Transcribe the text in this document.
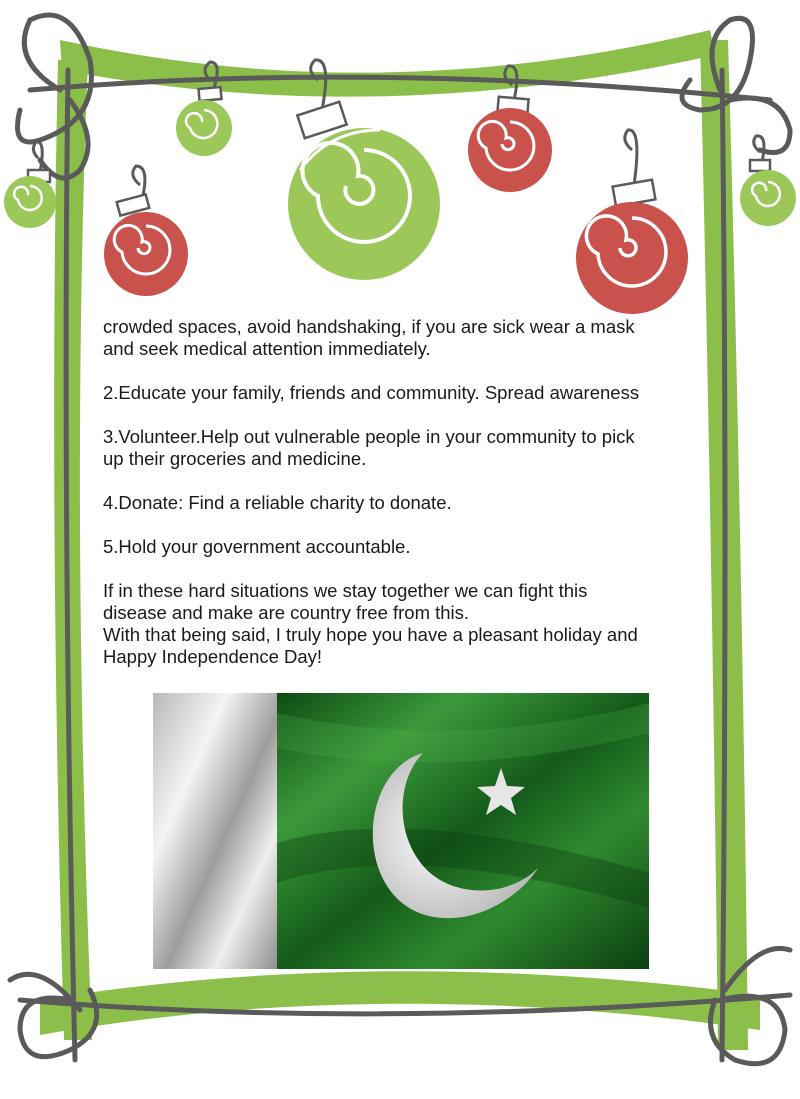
crowded spaces, avoid handshaking, if you are sick wear a mask
and seek medical attention immediately.

2.Educate your family, friends and community. Spread awareness

3.Volunteer.Help out vulnerable people in your community to pick
up their groceries and medicine.

4.Donate: Find a reliable charity to donate.

5.Hold your government accountable.

If in these hard situations we stay together we can fight this
disease and make are country free from this.
With that being said, I truly hope you have a pleasant holiday and
Happy Independence Day!
